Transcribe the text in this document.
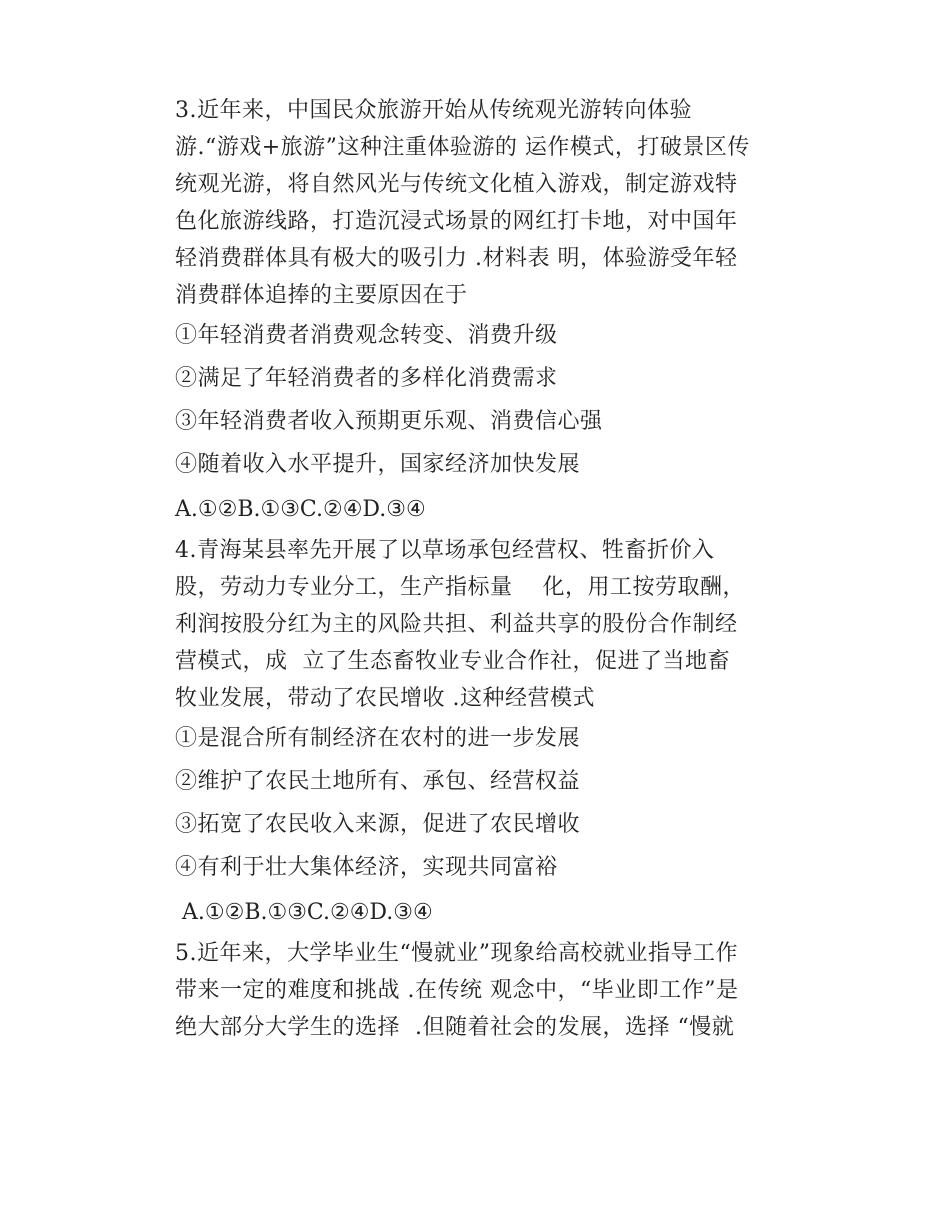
3.近年来，中国民众旅游开始从传统观光游转向体验
游.“游戏+旅游”这种注重体验游的 运作模式，打破景区传
统观光游，将自然风光与传统文化植入游戏，制定游戏特
色化旅游线路，打造沉浸式场景的网红打卡地，对中国年
轻消费群体具有极大的吸引力 .材料表 明，体验游受年轻
消费群体追捧的主要原因在于
①年轻消费者消费观念转变、消费升级
②满足了年轻消费者的多样化消费需求
③年轻消费者收入预期更乐观、消费信心强
④随着收入水平提升，国家经济加快发展
A.①②B.①③C.②④D.③④
4.青海某县率先开展了以草场承包经营权、牲畜折价入
股，劳动力专业分工，生产指标量    化，用工按劳取酬，
利润按股分红为主的风险共担、利益共享的股份合作制经
营模式，成  立了生态畜牧业专业合作社，促进了当地畜
牧业发展，带动了农民增收 .这种经营模式
①是混合所有制经济在农村的进一步发展
②维护了农民土地所有、承包、经营权益
③拓宽了农民收入来源，促进了农民增收
④有利于壮大集体经济，实现共同富裕
A.①②B.①③C.②④D.③④
5.近年来，大学毕业生“慢就业”现象给高校就业指导工作
带来一定的难度和挑战 .在传统 观念中，“毕业即工作”是
绝大部分大学生的选择  .但随着社会的发展，选择 “慢就
